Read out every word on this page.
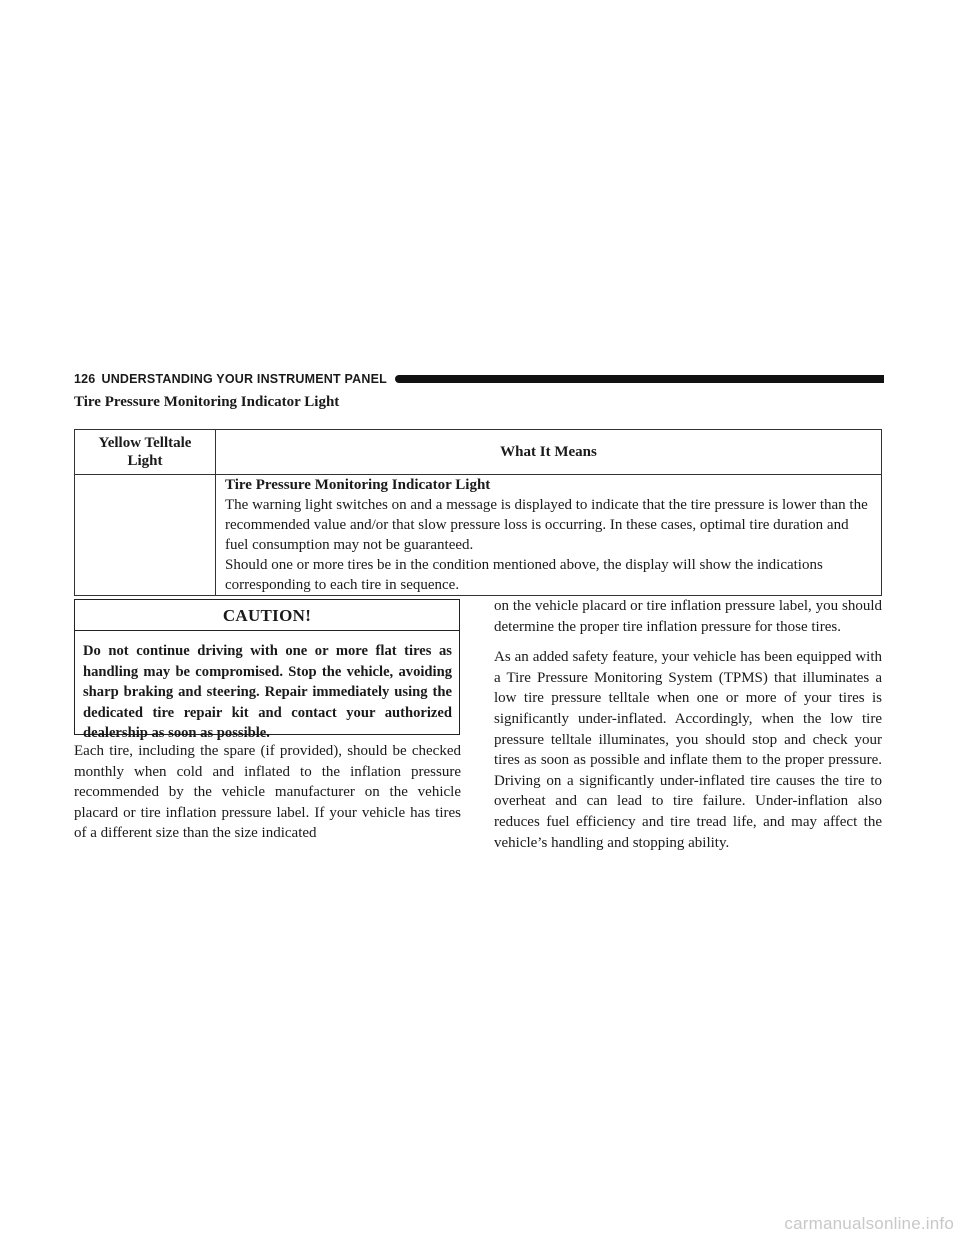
126 UNDERSTANDING YOUR INSTRUMENT PANEL
Tire Pressure Monitoring Indicator Light
Yellow Telltale Light	What It Means

	Tire Pressure Monitoring Indicator Light
The warning light switches on and a message is displayed to indicate that the tire pressure is lower than the recommended value and/or that slow pressure loss is occurring. In these cases, optimal tire duration and fuel consumption may not be guaranteed.
Should one or more tires be in the condition mentioned above, the display will show the indications corresponding to each tire in sequence.
CAUTION!
Do not continue driving with one or more flat tires as handling may be compromised. Stop the vehicle, avoiding sharp braking and steering. Repair immediately using the dedicated tire repair kit and contact your authorized dealership as soon as possible.

Each tire, including the spare (if provided), should be checked monthly when cold and inflated to the inflation pressure recommended by the vehicle manufacturer on the vehicle placard or tire inflation pressure label. If your vehicle has tires of a different size than the size indicated

on the vehicle placard or tire inflation pressure label, you should determine the proper tire inflation pressure for those tires.

As an added safety feature, your vehicle has been equipped with a Tire Pressure Monitoring System (TPMS) that illuminates a low tire pressure telltale when one or more of your tires is significantly under-inflated. Accordingly, when the low tire pressure telltale illuminates, you should stop and check your tires as soon as possible and inflate them to the proper pressure. Driving on a significantly under-inflated tire causes the tire to overheat and can lead to tire failure. Under-inflation also reduces fuel efficiency and tire tread life, and may affect the vehicle’s handling and stopping ability.

carmanualsonline.info
